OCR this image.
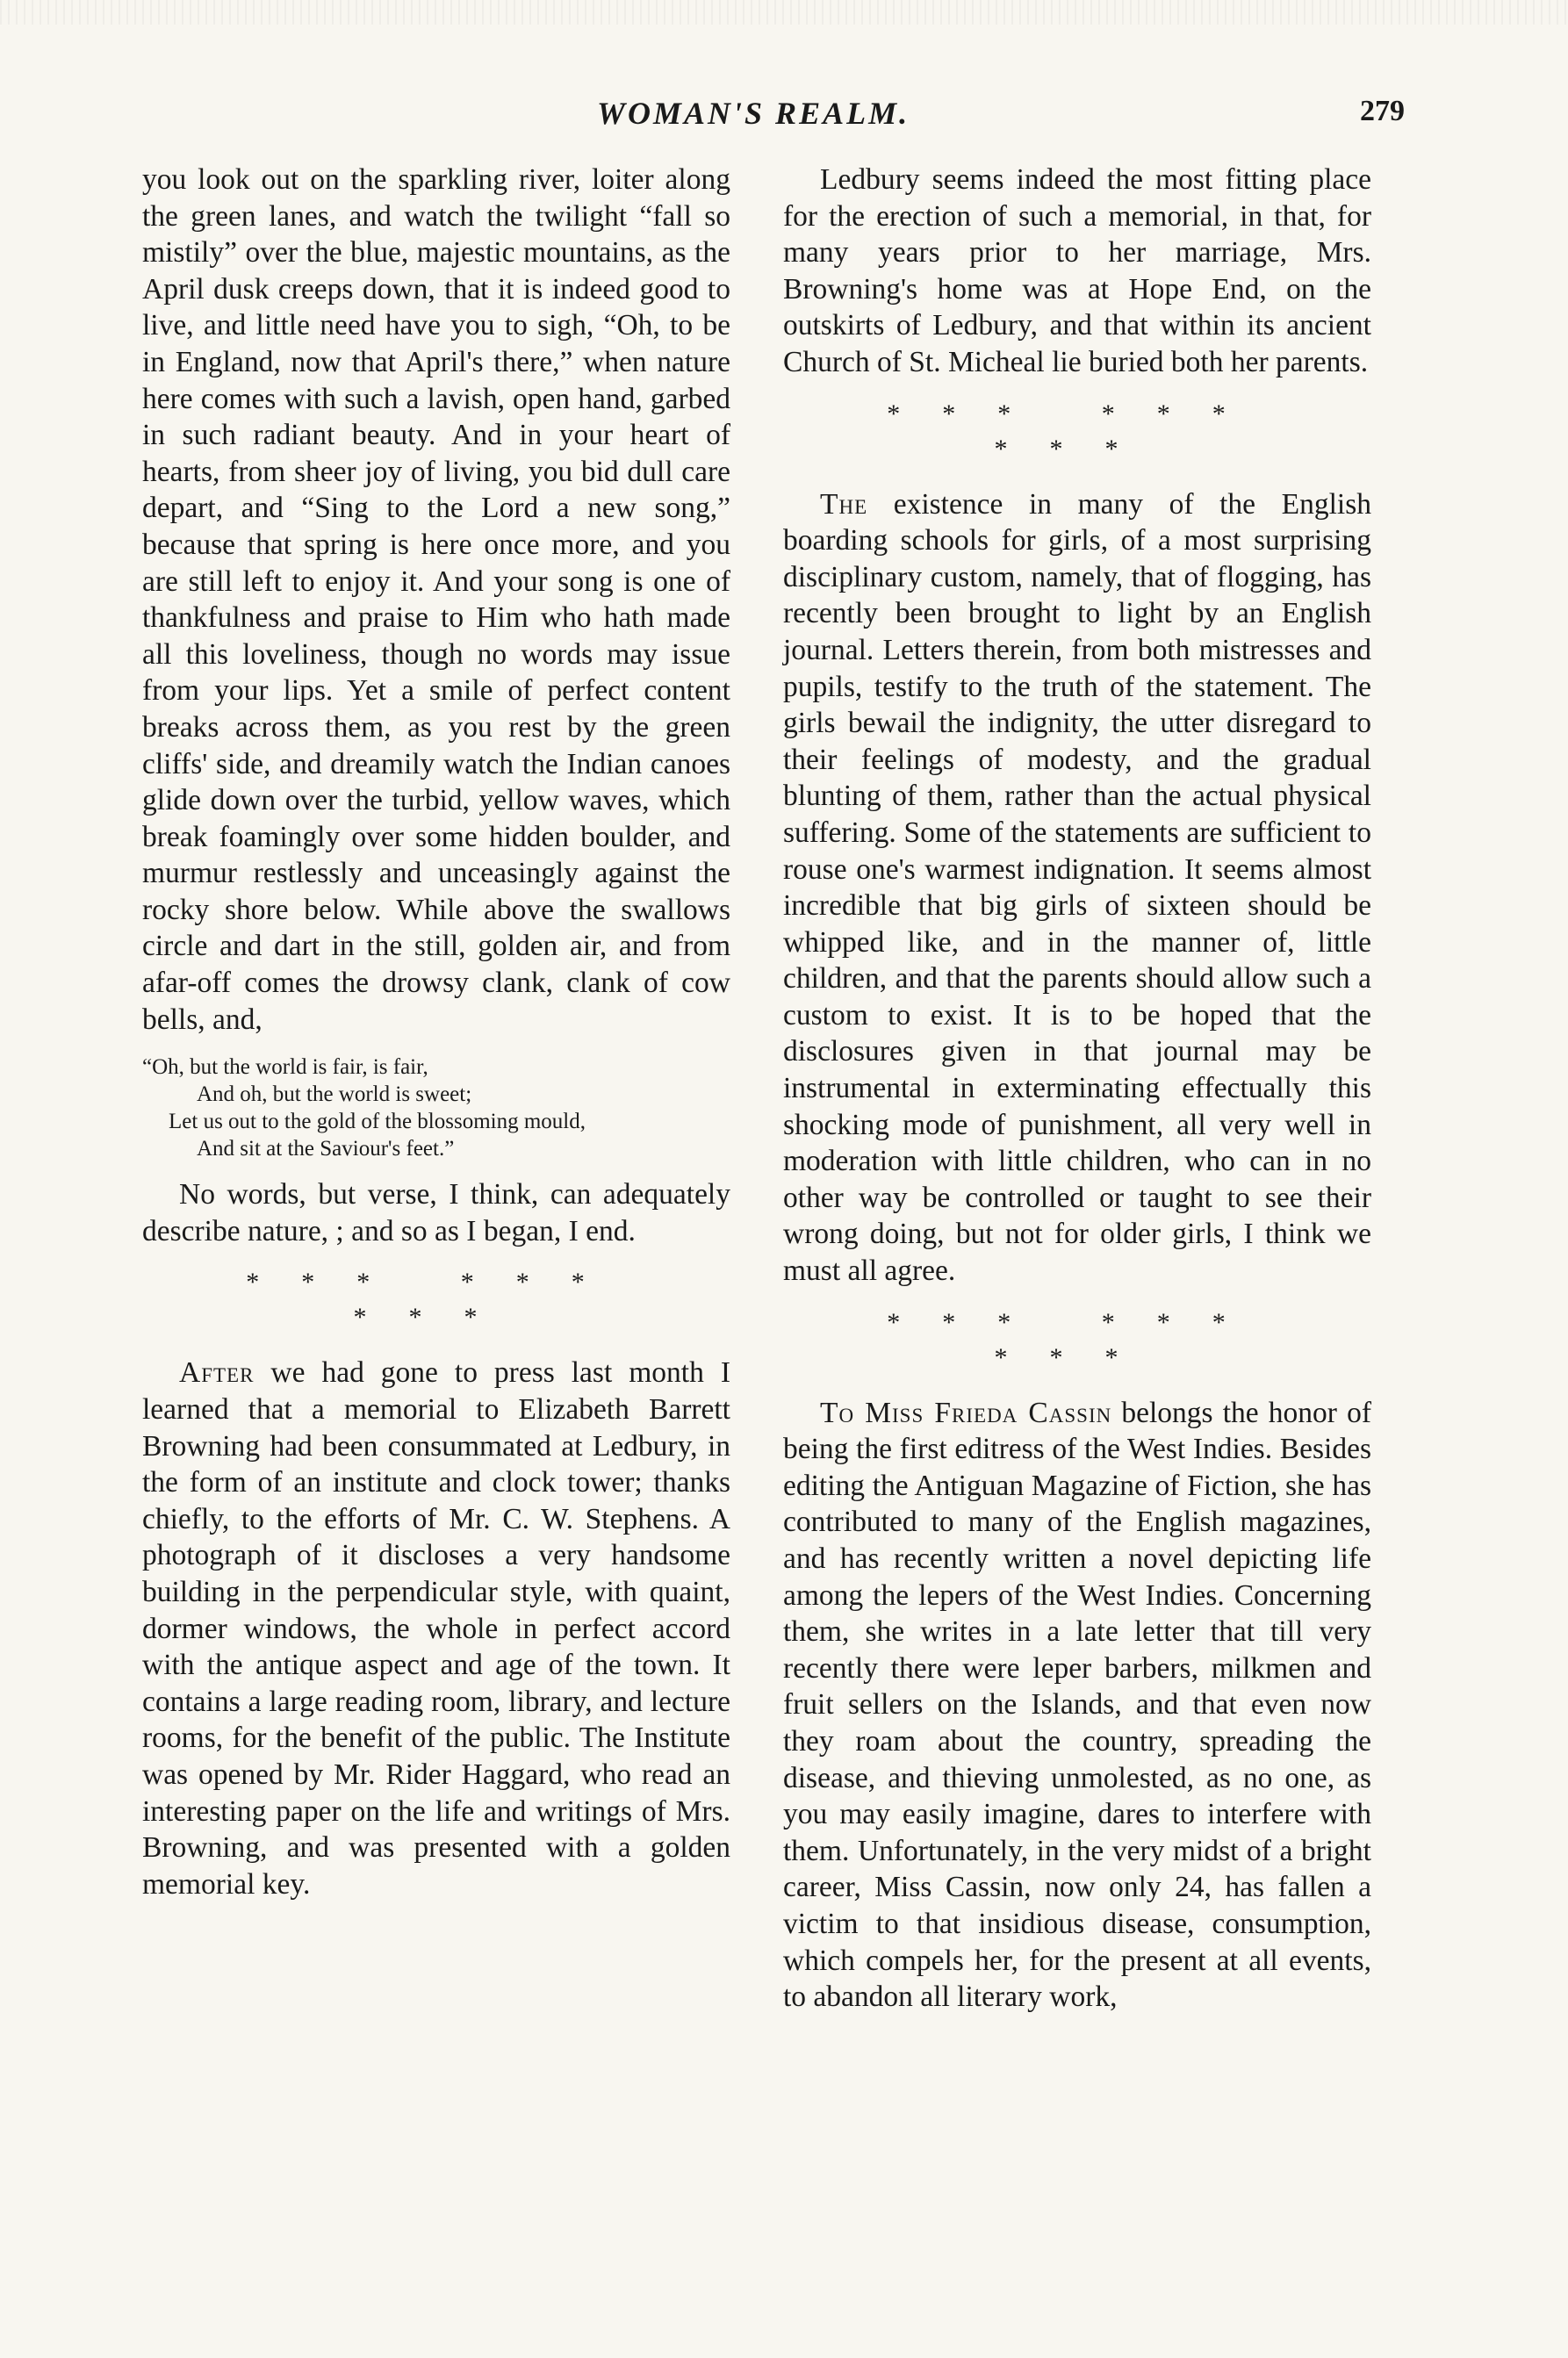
WOMAN'S REALM.	279

you look out on the sparkling river, loiter along the green lanes, and watch the twilight “fall so mistily” over the blue, majestic mountains, as the April dusk creeps down, that it is indeed good to live, and little need have you to sigh, “Oh, to be in England, now that April's there,” when nature here comes with such a lavish, open hand, garbed in such radiant beauty. And in your heart of hearts, from sheer joy of living, you bid dull care depart, and “Sing to the Lord a new song,” because that spring is here once more, and you are still left to enjoy it. And your song is one of thankfulness and praise to Him who hath made all this loveliness, though no words may issue from your lips. Yet a smile of perfect content breaks across them, as you rest by the green cliffs' side, and dreamily watch the Indian canoes glide down over the turbid, yellow waves, which break foamingly over some hidden boulder, and murmur restlessly and unceasingly against the rocky shore below. While above the swallows circle and dart in the still, golden air, and from afar-off comes the drowsy clank, clank of cow bells, and,

“Oh, but the world is fair, is fair,
And oh, but the world is sweet;
Let us out to the gold of the blossoming mould,
And sit at the Saviour's feet.”

No words, but verse, I think, can adequately describe nature, ; and so as I began, I end.

*** *** ***

After we had gone to press last month I learned that a memorial to Elizabeth Barrett Browning had been consummated at Ledbury, in the form of an institute and clock tower; thanks chiefly, to the efforts of Mr. C. W. Stephens. A photograph of it discloses a very handsome building in the perpendicular style, with quaint, dormer windows, the whole in perfect accord with the antique aspect and age of the town. It contains a large reading room, library, and lecture rooms, for the benefit of the public. The Institute was opened by Mr. Rider Haggard, who read an interesting paper on the life and writings of Mrs. Browning, and was presented with a golden memorial key.

Ledbury seems indeed the most fitting place for the erection of such a memorial, in that, for many years prior to her marriage, Mrs. Browning's home was at Hope End, on the outskirts of Ledbury, and that within its ancient Church of St. Micheal lie buried both her parents.

*** *** ***

The existence in many of the English boarding schools for girls, of a most surprising disciplinary custom, namely, that of flogging, has recently been brought to light by an English journal. Letters therein, from both mistresses and pupils, testify to the truth of the statement. The girls bewail the indignity, the utter disregard to their feelings of modesty, and the gradual blunting of them, rather than the actual physical suffering. Some of the statements are sufficient to rouse one's warmest indignation. It seems almost incredible that big girls of sixteen should be whipped like, and in the manner of, little children, and that the parents should allow such a custom to exist. It is to be hoped that the disclosures given in that journal may be instrumental in exterminating effectually this shocking mode of punishment, all very well in moderation with little children, who can in no other way be controlled or taught to see their wrong doing, but not for older girls, I think we must all agree.

*** *** ***

To Miss Frieda Cassin belongs the honor of being the first editress of the West Indies. Besides editing the Antiguan Magazine of Fiction, she has contributed to many of the English magazines, and has recently written a novel depicting life among the lepers of the West Indies. Concerning them, she writes in a late letter that till very recently there were leper barbers, milkmen and fruit sellers on the Islands, and that even now they roam about the country, spreading the disease, and thieving unmolested, as no one, as you may easily imagine, dares to interfere with them. Unfortunately, in the very midst of a bright career, Miss Cassin, now only 24, has fallen a victim to that insidious disease, consumption, which compels her, for the present at all events, to abandon all literary work,
